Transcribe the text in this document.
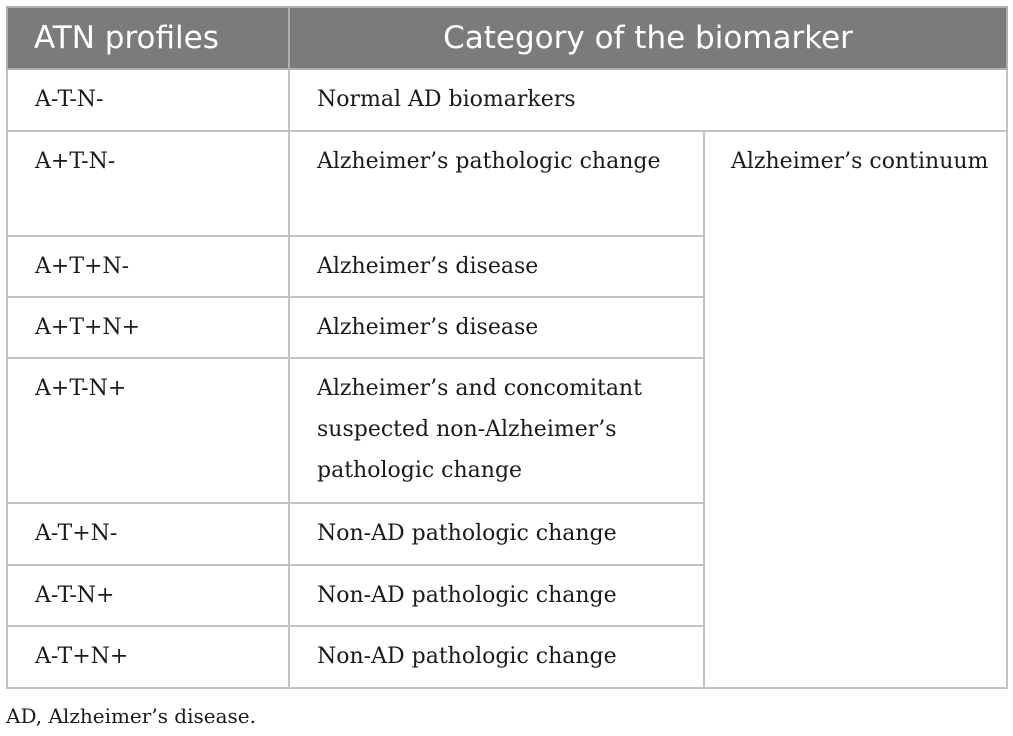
ATN profiles	Category of the biomarker	
A-T-N-	Normal AD biomarkers	
A+T-N-	Alzheimer’s pathologic change	Alzheimer’s continuum
A+T+N-	Alzheimer’s disease	
A+T+N+	Alzheimer’s disease	
A+T-N+	Alzheimer’s and concomitant suspected non-Alzheimer’s pathologic change	
A-T+N-	Non-AD pathologic change	
A-T-N+	Non-AD pathologic change	
A-T+N+	Non-AD pathologic change	
AD, Alzheimer’s disease.
